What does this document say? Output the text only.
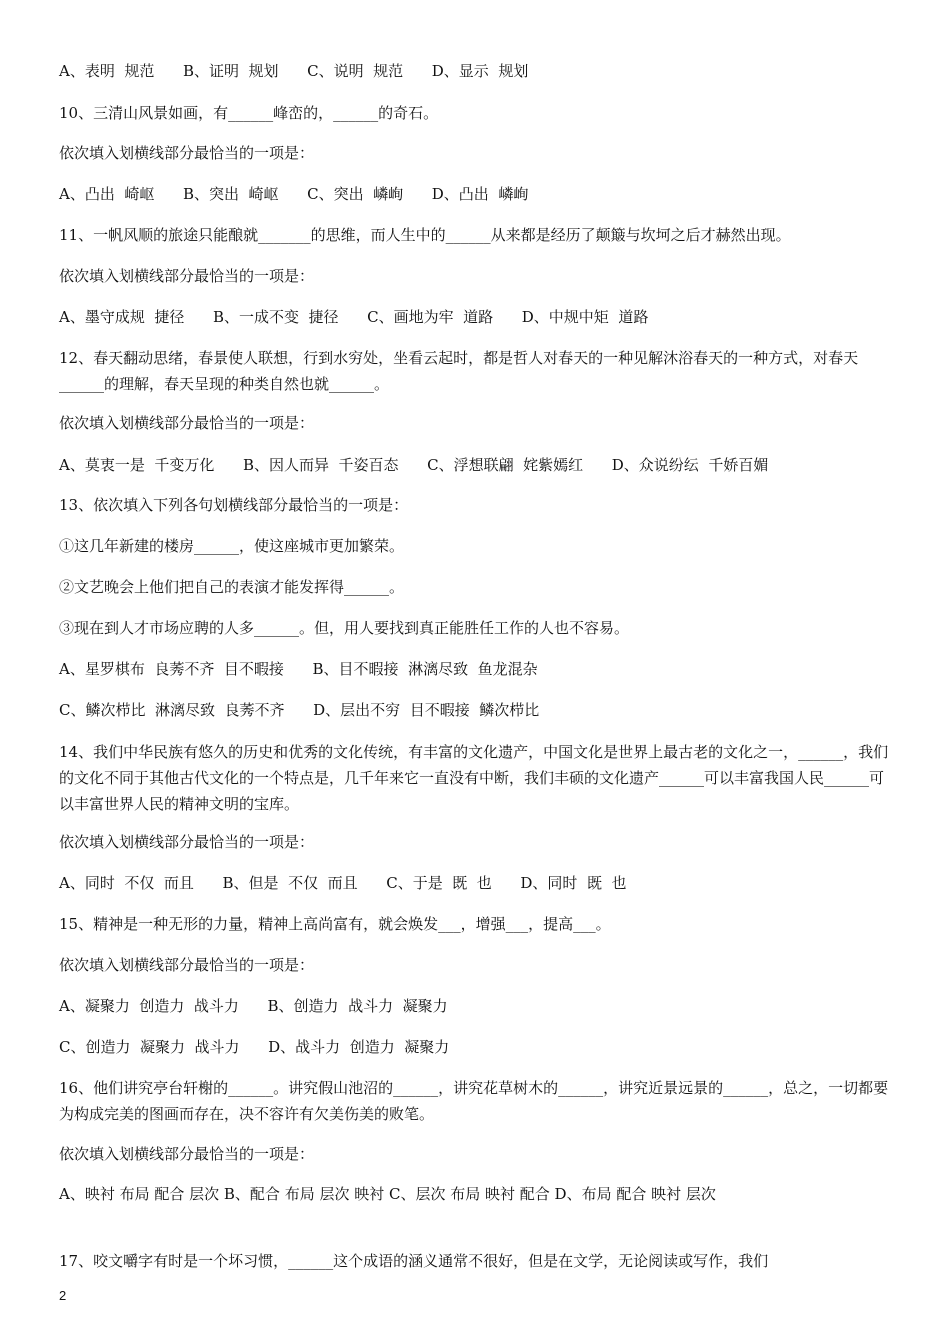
A、表明  规范      B、证明  规划      C、说明  规范      D、显示  规划
10、三清山风景如画，有______峰峦的，______的奇石。
依次填入划横线部分最恰当的一项是：
A、凸出  崎岖      B、突出  崎岖      C、突出  嶙峋      D、凸出  嶙峋
11、一帆风顺的旅途只能酿就_______的思维，而人生中的______从来都是经历了颠簸与坎坷之后才赫然出现。
依次填入划横线部分最恰当的一项是：
A、墨守成规  捷径      B、一成不变  捷径      C、画地为牢  道路      D、中规中矩  道路
12、春天翻动思绪，春景使人联想，行到水穷处，坐看云起时，都是哲人对春天的一种见解沐浴春天的一种方式，对春天______的理解，春天呈现的种类自然也就______。
依次填入划横线部分最恰当的一项是：
A、莫衷一是  千变万化      B、因人而异  千姿百态      C、浮想联翩  姹紫嫣红      D、众说纷纭  千娇百媚
13、依次填入下列各句划横线部分最恰当的一项是：
①这几年新建的楼房______，使这座城市更加繁荣。
②文艺晚会上他们把自己的表演才能发挥得______。
③现在到人才市场应聘的人多______。但，用人要找到真正能胜任工作的人也不容易。
A、星罗棋布  良莠不齐  目不暇接      B、目不暇接  淋漓尽致  鱼龙混杂
C、鳞次栉比  淋漓尽致  良莠不齐      D、层出不穷  目不暇接  鳞次栉比
14、我们中华民族有悠久的历史和优秀的文化传统，有丰富的文化遗产，中国文化是世界上最古老的文化之一，______，我们的文化不同于其他古代文化的一个特点是，几千年来它一直没有中断，我们丰硕的文化遗产______可以丰富我国人民______可以丰富世界人民的精神文明的宝库。
依次填入划横线部分最恰当的一项是：
A、同时  不仅  而且      B、但是  不仅  而且      C、于是  既  也      D、同时  既  也
15、精神是一种无形的力量，精神上高尚富有，就会焕发___，增强___，提高___。
依次填入划横线部分最恰当的一项是：
A、凝聚力  创造力  战斗力      B、创造力  战斗力  凝聚力
C、创造力  凝聚力  战斗力      D、战斗力  创造力  凝聚力
16、他们讲究亭台轩榭的______。讲究假山池沼的______，讲究花草树木的______，讲究近景远景的______，总之，一切都要为构成完美的图画而存在，决不容许有欠美伤美的败笔。
依次填入划横线部分最恰当的一项是：
A、映衬 布局 配合 层次 B、配合 布局 层次 映衬 C、层次 布局 映衬 配合 D、布局 配合 映衬 层次
17、咬文嚼字有时是一个坏习惯，______这个成语的涵义通常不很好，但是在文学，无论阅读或写作，我们
2
